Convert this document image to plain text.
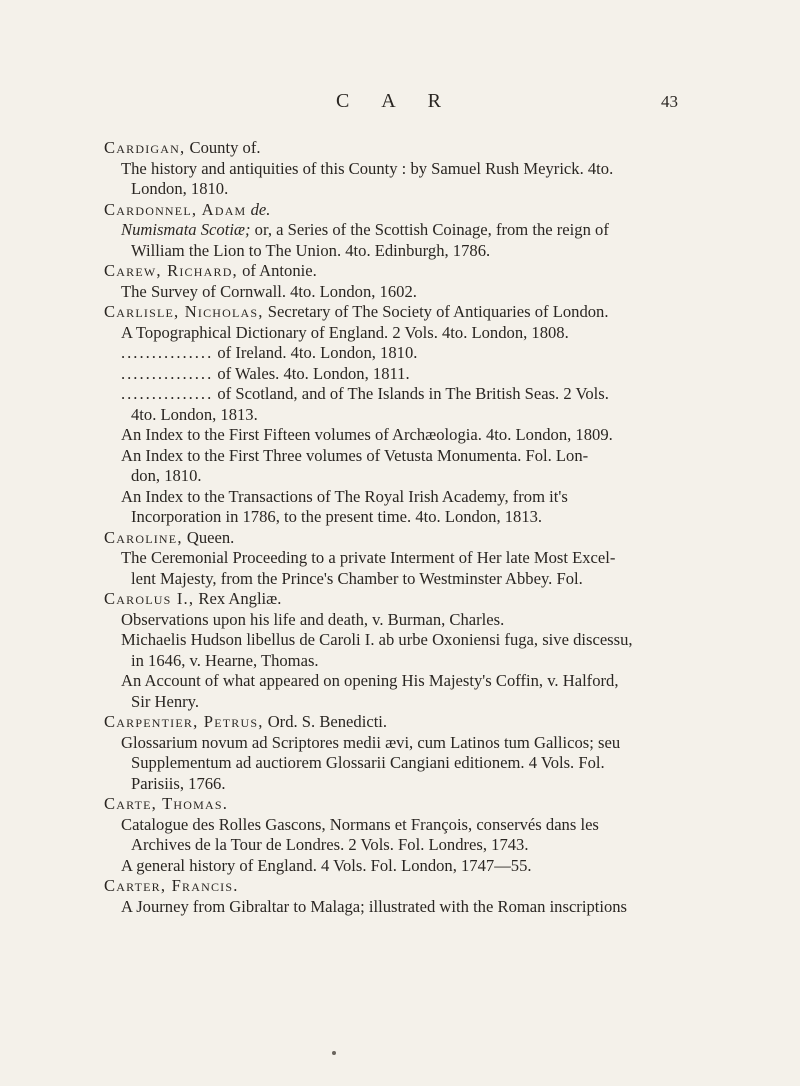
C A R	43
Cardigan, County of.
The history and antiquities of this County : by Samuel Rush Meyrick. 4to.
London, 1810.
Cardonnel, Adam de.
Numismata Scotiæ; or, a Series of the Scottish Coinage, from the reign of
William the Lion to The Union. 4to. Edinburgh, 1786.
Carew, Richard, of Antonie.
The Survey of Cornwall. 4to. London, 1602.
Carlisle, Nicholas, Secretary of The Society of Antiquaries of London.
A Topographical Dictionary of England. 2 Vols. 4to. London, 1808.
............... of Ireland. 4to. London, 1810.
............... of Wales. 4to. London, 1811.
............... of Scotland, and of The Islands in The British Seas. 2 Vols.
4to. London, 1813.
An Index to the First Fifteen volumes of Archæologia. 4to. London, 1809.
An Index to the First Three volumes of Vetusta Monumenta. Fol. Lon-
don, 1810.
An Index to the Transactions of The Royal Irish Academy, from it's
Incorporation in 1786, to the present time. 4to. London, 1813.
Caroline, Queen.
The Ceremonial Proceeding to a private Interment of Her late Most Excel-
lent Majesty, from the Prince's Chamber to Westminster Abbey. Fol.
Carolus I., Rex Angliæ.
Observations upon his life and death, v. Burman, Charles.
Michaelis Hudson libellus de Caroli I. ab urbe Oxoniensi fuga, sive discessu,
in 1646, v. Hearne, Thomas.
An Account of what appeared on opening His Majesty's Coffin, v. Halford,
Sir Henry.
Carpentier, Petrus, Ord. S. Benedicti.
Glossarium novum ad Scriptores medii ævi, cum Latinos tum Gallicos; seu
Supplementum ad auctiorem Glossarii Cangiani editionem. 4 Vols. Fol.
Parisiis, 1766.
Carte, Thomas.
Catalogue des Rolles Gascons, Normans et François, conservés dans les
Archives de la Tour de Londres. 2 Vols. Fol. Londres, 1743.
A general history of England. 4 Vols. Fol. London, 1747—55.
Carter, Francis.
A Journey from Gibraltar to Malaga; illustrated with the Roman inscriptions
